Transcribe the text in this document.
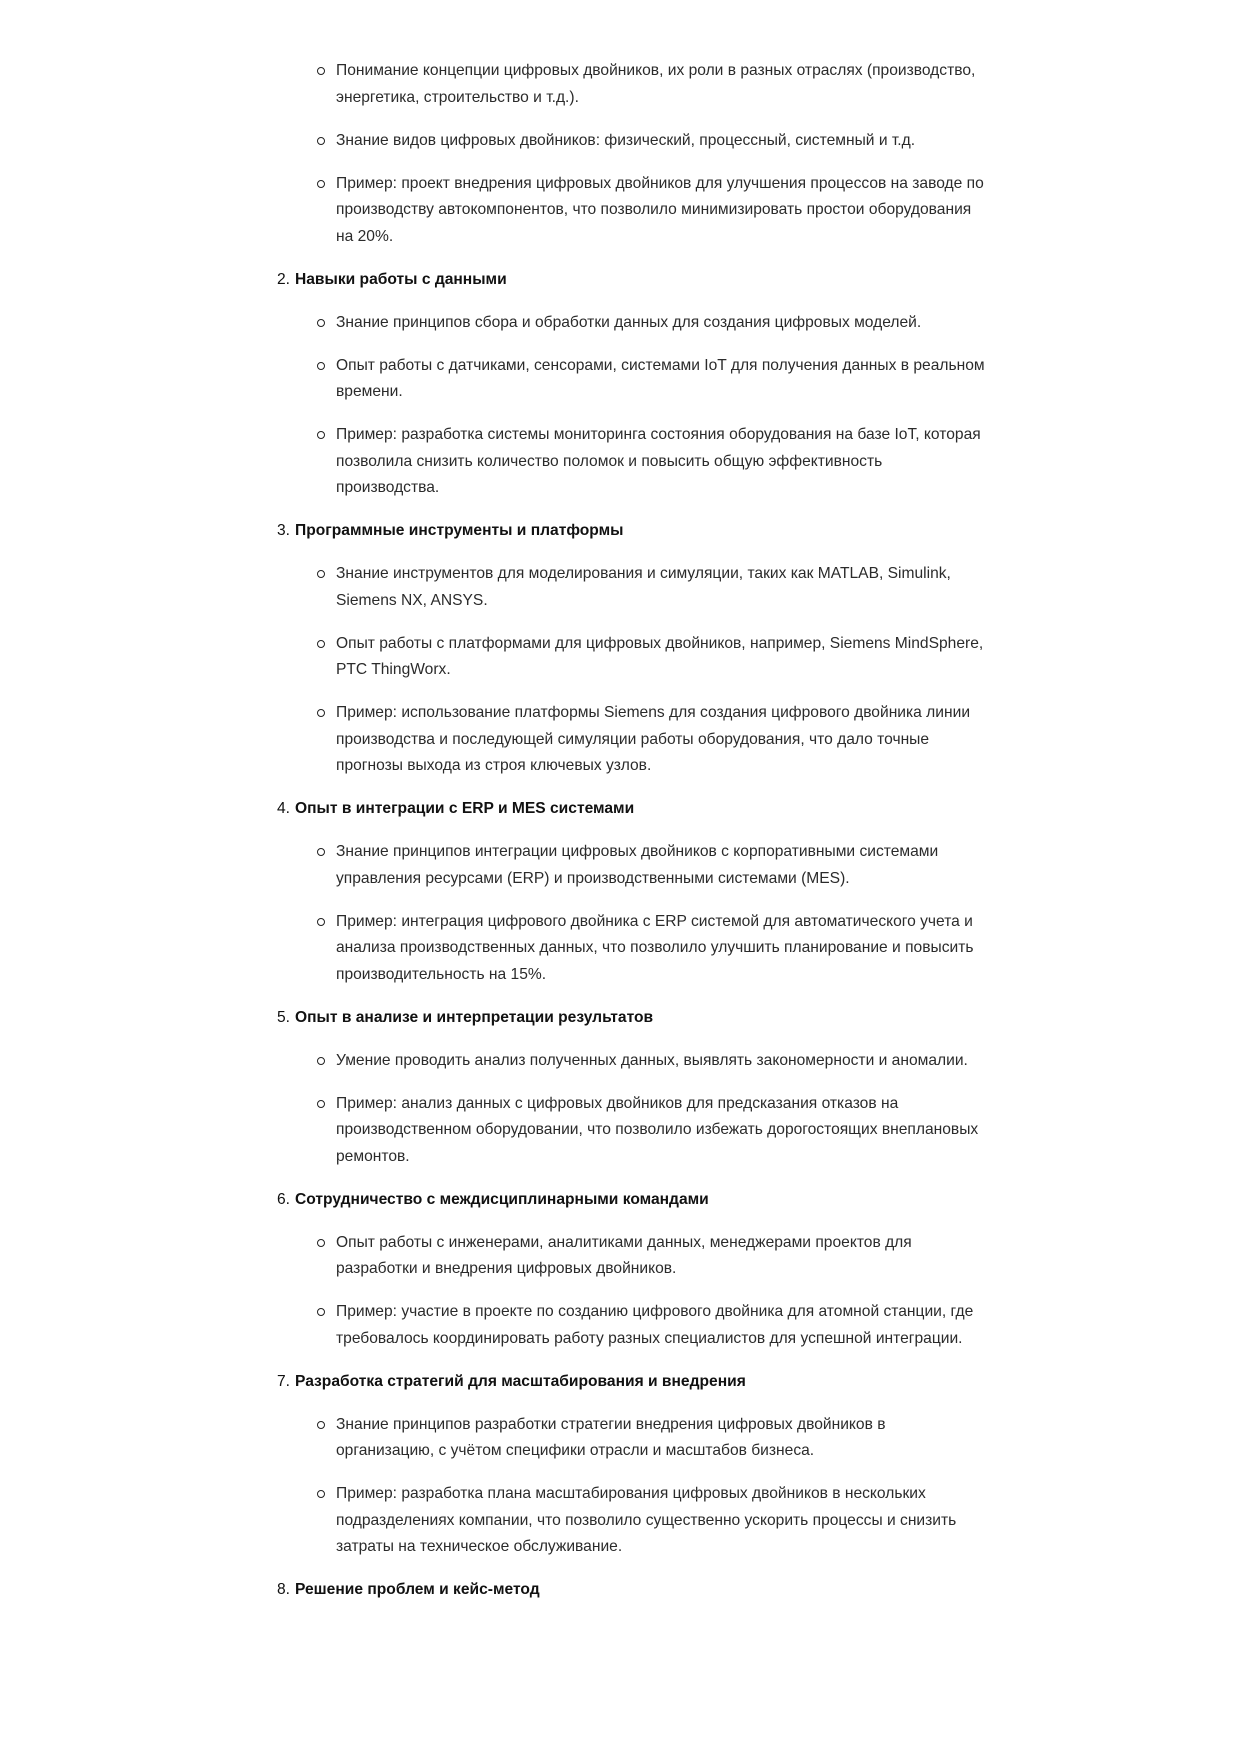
Понимание концепции цифровых двойников, их роли в разных отраслях (производство, энергетика, строительство и т.д.).
Знание видов цифровых двойников: физический, процессный, системный и т.д.
Пример: проект внедрения цифровых двойников для улучшения процессов на заводе по производству автокомпонентов, что позволило минимизировать простои оборудования на 20%.
2. Навыки работы с данными
Знание принципов сбора и обработки данных для создания цифровых моделей.
Опыт работы с датчиками, сенсорами, системами IoT для получения данных в реальном времени.
Пример: разработка системы мониторинга состояния оборудования на базе IoT, которая позволила снизить количество поломок и повысить общую эффективность производства.
3. Программные инструменты и платформы
Знание инструментов для моделирования и симуляции, таких как MATLAB, Simulink, Siemens NX, ANSYS.
Опыт работы с платформами для цифровых двойников, например, Siemens MindSphere, PTC ThingWorx.
Пример: использование платформы Siemens для создания цифрового двойника линии производства и последующей симуляции работы оборудования, что дало точные прогнозы выхода из строя ключевых узлов.
4. Опыт в интеграции с ERP и MES системами
Знание принципов интеграции цифровых двойников с корпоративными системами управления ресурсами (ERP) и производственными системами (MES).
Пример: интеграция цифрового двойника с ERP системой для автоматического учета и анализа производственных данных, что позволило улучшить планирование и повысить производительность на 15%.
5. Опыт в анализе и интерпретации результатов
Умение проводить анализ полученных данных, выявлять закономерности и аномалии.
Пример: анализ данных с цифровых двойников для предсказания отказов на производственном оборудовании, что позволило избежать дорогостоящих внеплановых ремонтов.
6. Сотрудничество с междисциплинарными командами
Опыт работы с инженерами, аналитиками данных, менеджерами проектов для разработки и внедрения цифровых двойников.
Пример: участие в проекте по созданию цифрового двойника для атомной станции, где требовалось координировать работу разных специалистов для успешной интеграции.
7. Разработка стратегий для масштабирования и внедрения
Знание принципов разработки стратегии внедрения цифровых двойников в организацию, с учётом специфики отрасли и масштабов бизнеса.
Пример: разработка плана масштабирования цифровых двойников в нескольких подразделениях компании, что позволило существенно ускорить процессы и снизить затраты на техническое обслуживание.
8. Решение проблем и кейс-метод
